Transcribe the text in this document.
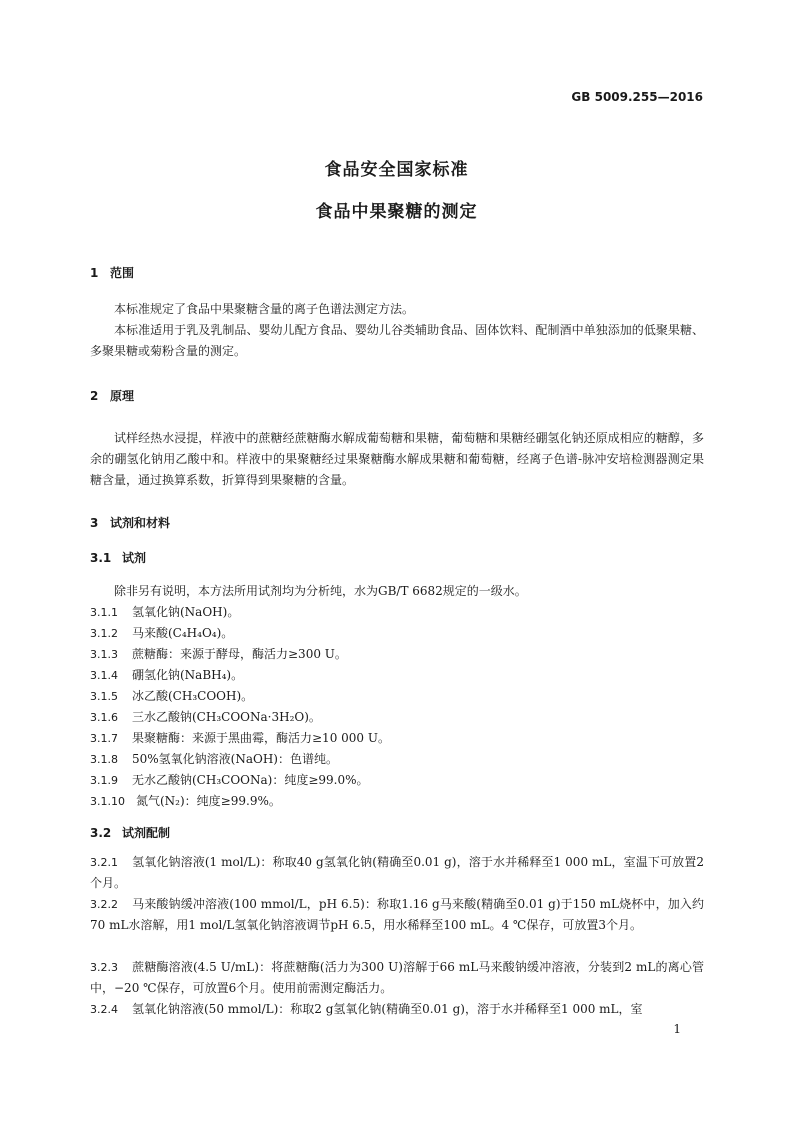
GB 5009.255—2016
食品安全国家标准
食品中果聚糖的测定
1 范围
本标准规定了食品中果聚糖含量的离子色谱法测定方法。
本标准适用于乳及乳制品、婴幼儿配方食品、婴幼儿谷类辅助食品、固体饮料、配制酒中单独添加的低聚果糖、多聚果糖或菊粉含量的测定。
2 原理
试样经热水浸提，样液中的蔗糖经蔗糖酶水解成葡萄糖和果糖，葡萄糖和果糖经硼氢化钠还原成相应的糖醇，多余的硼氢化钠用乙酸中和。样液中的果聚糖经过果聚糖酶水解成果糖和葡萄糖，经离子色谱-脉冲安培检测器测定果糖含量，通过换算系数，折算得到果聚糖的含量。
3 试剂和材料
3.1 试剂
除非另有说明，本方法所用试剂均为分析纯，水为GB/T 6682规定的一级水。
3.1.1 氢氧化钠(NaOH)。
3.1.2 马来酸(C₄H₄O₄)。
3.1.3 蔗糖酶：来源于酵母，酶活力≥300 U。
3.1.4 硼氢化钠(NaBH₄)。
3.1.5 冰乙酸(CH₃COOH)。
3.1.6 三水乙酸钠(CH₃COONa·3H₂O)。
3.1.7 果聚糖酶：来源于黑曲霉，酶活力≥10 000 U。
3.1.8 50%氢氧化钠溶液(NaOH)：色谱纯。
3.1.9 无水乙酸钠(CH₃COONa)：纯度≥99.0%。
3.1.10 氮气(N₂)：纯度≥99.9%。
3.2 试剂配制
3.2.1 氢氧化钠溶液(1 mol/L)：称取40 g氢氧化钠(精确至0.01 g)，溶于水并稀释至1 000 mL，室温下可放置2个月。
3.2.2 马来酸钠缓冲溶液(100 mmol/L，pH 6.5)：称取1.16 g马来酸(精确至0.01 g)于150 mL烧杯中，加入约70 mL水溶解，用1 mol/L氢氧化钠溶液调节pH 6.5，用水稀释至100 mL。4 ℃保存，可放置3个月。
3.2.3 蔗糖酶溶液(4.5 U/mL)：将蔗糖酶(活力为300 U)溶解于66 mL马来酸钠缓冲溶液，分装到2 mL的离心管中，−20 ℃保存，可放置6个月。使用前需测定酶活力。
3.2.4 氢氧化钠溶液(50 mmol/L)：称取2 g氢氧化钠(精确至0.01 g)，溶于水并稀释至1 000 mL，室
1
